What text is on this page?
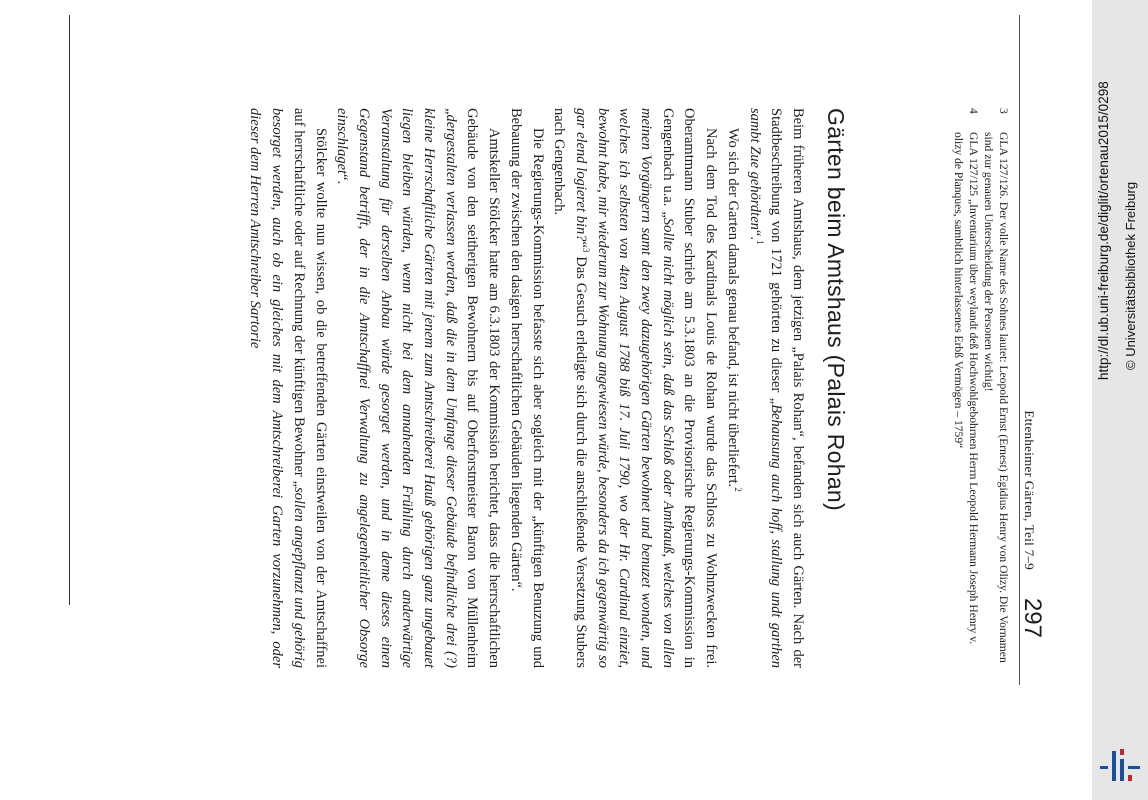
Ettenheimer Gärten, Teil 7–9
297
3
GLA 127/126. Der volle Name des Sohnes lautet: Leopold Ernst (Ernest) Egidius Henry von Olizy. Die Vornamen sind zur genauen Unterscheidung der Personen wichtig!
4
GLA 127/125 „Inventarium über weylandt deß Hochwohlgebohrnen Herrn Leopold Hermann Joseph Henry v. olizy de Planques, sambtlich hinterlassenes Erbß Vermögen – 1759“
Gärten beim Amtshaus (Palais Rohan)

Beim früheren Amtshaus, dem jetzigen „Palais Rohan“, befanden sich auch Gärten. Nach der Stadtbeschreibung von 1721 gehörten zu dieser „Behausung auch hoff, stallung undt garthen sambt Zue gehördten“.$^1$

Wo sich der Garten damals genau befand, ist nicht überliefert.$^2$

Nach dem Tod des Kardinals Louis de Rohan wurde das Schloss zu Wohnzwecken frei. Oberamtmann Stuber schrieb am 5.3.1803 an die Provisorische Regierungs-Kommission in Gengenbach u.a. „Sollte nicht möglich sein, daß das Schloß oder Amthauß, welches von allen meinen Vorgängern samt den zwey dazugehörigen Gärten bewohnet und benuzet wonden, und welches ich selbsten von 4ten August 1788 biß 17. Juli 1790, wo der Hr. Cardinal einziet, bewohnt habe, mir wiederum zur Wohnung angewiesen würde, besonders da ich gegenwärtig so gar elend logieret bin?“$^3$ Das Gesuch erledigte sich durch die anschließende Versetzung Stubers nach Gengenbach.

Die Regierungs-Kommission befasste sich aber sogleich mit der „künftigen Benuzung und Bebauung der zwischen den dasigen herrschaftlichen Gebäuden liegenden Gärten“.

Amtskeller Stölcker hatte am 6.3.1803 der Kommission berichtet, dass die herrschaftlichen Gebäude von den seitherigen Bewohnern bis auf Oberforstmeister Baron von Müllenheim „dergestalten verlassen werden, daß die in dem Umfange dieser Gebäude befindliche drei (?) kleine Herrschaftliche Gärten mit jenem zum Amtschreiberei Hauß gehörigen ganz ungebauet liegen bleiben würden, wenn nicht bei dem annahenden Frühling durch anderwärtige Veranstaltung für derselben Anbau würde gesorget werden, und in deme dieses einen Gegenstand betrifft, der in die Amtschaffnei Verwaltung zu angelegenheitlicher Obsorge einschlaget“.

Stölcker wollte nun wissen, ob die betreffenden Gärten einstweilen von der Amtschaffnei auf herrschaftliche oder auf Rechnung der künftigen Bewohner „sollen angepflanzt und gehörig besorget werden, auch ob ein gleiches mit dem Amtschreiberei Garten vorzunehmen, oder dieser dem Herren Amtschreiber Sartorie	http://dl.ub.uni-freiburg.de/diglit/ortenau2015/0298 © Universitätsbibliothek Freiburg
